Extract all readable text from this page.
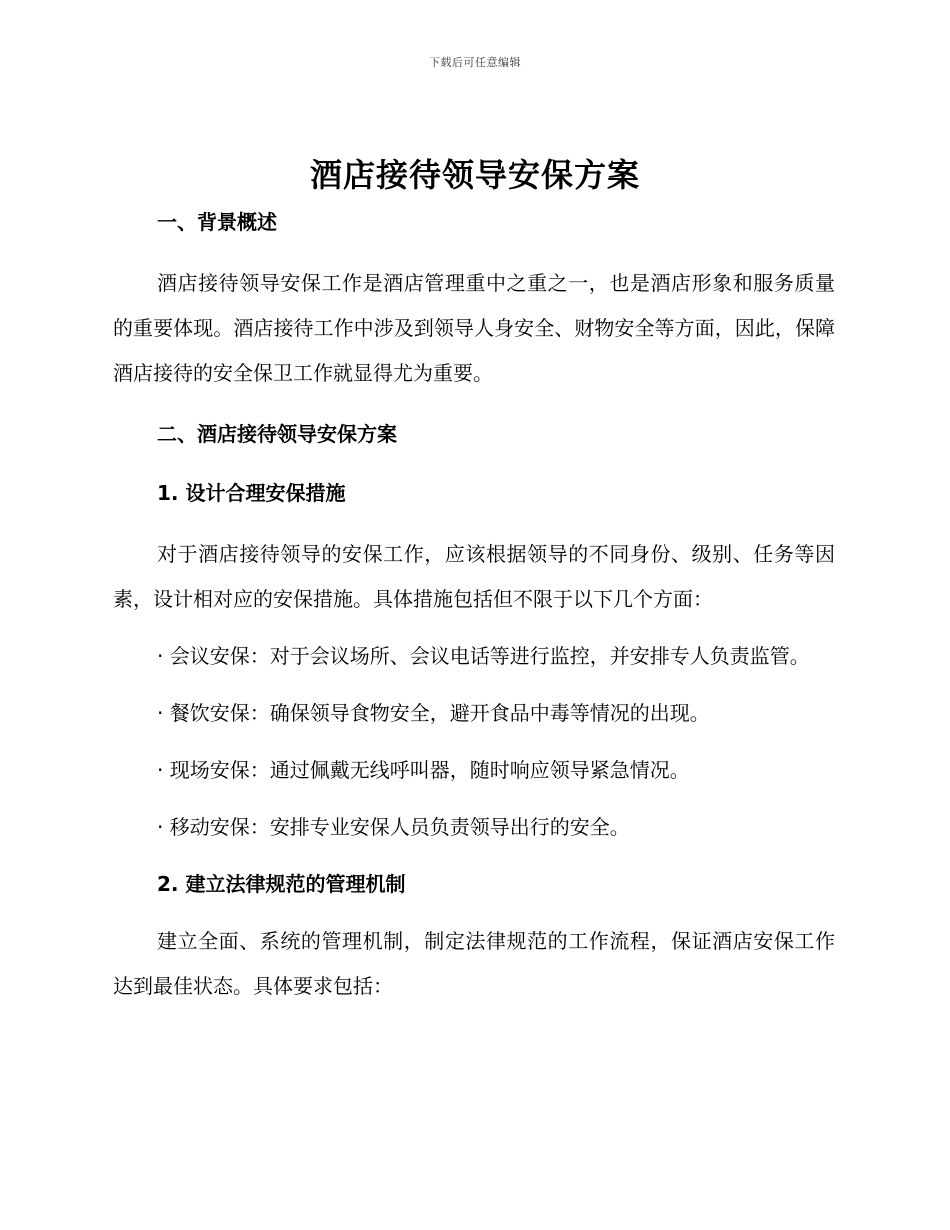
下载后可任意编辑
酒店接待领导安保方案

一、背景概述

酒店接待领导安保工作是酒店管理重中之重之一，也是酒店形象和服务质量的重要体现。酒店接待工作中涉及到领导人身安全、财物安全等方面，因此，保障酒店接待的安全保卫工作就显得尤为重要。

二、酒店接待领导安保方案

1. 设计合理安保措施

对于酒店接待领导的安保工作，应该根据领导的不同身份、级别、任务等因素，设计相对应的安保措施。具体措施包括但不限于以下几个方面：

· 会议安保：对于会议场所、会议电话等进行监控，并安排专人负责监管。

· 餐饮安保：确保领导食物安全，避开食品中毒等情况的出现。

· 现场安保：通过佩戴无线呼叫器，随时响应领导紧急情况。

· 移动安保：安排专业安保人员负责领导出行的安全。

2. 建立法律规范的管理机制

建立全面、系统的管理机制，制定法律规范的工作流程，保证酒店安保工作达到最佳状态。具体要求包括：
